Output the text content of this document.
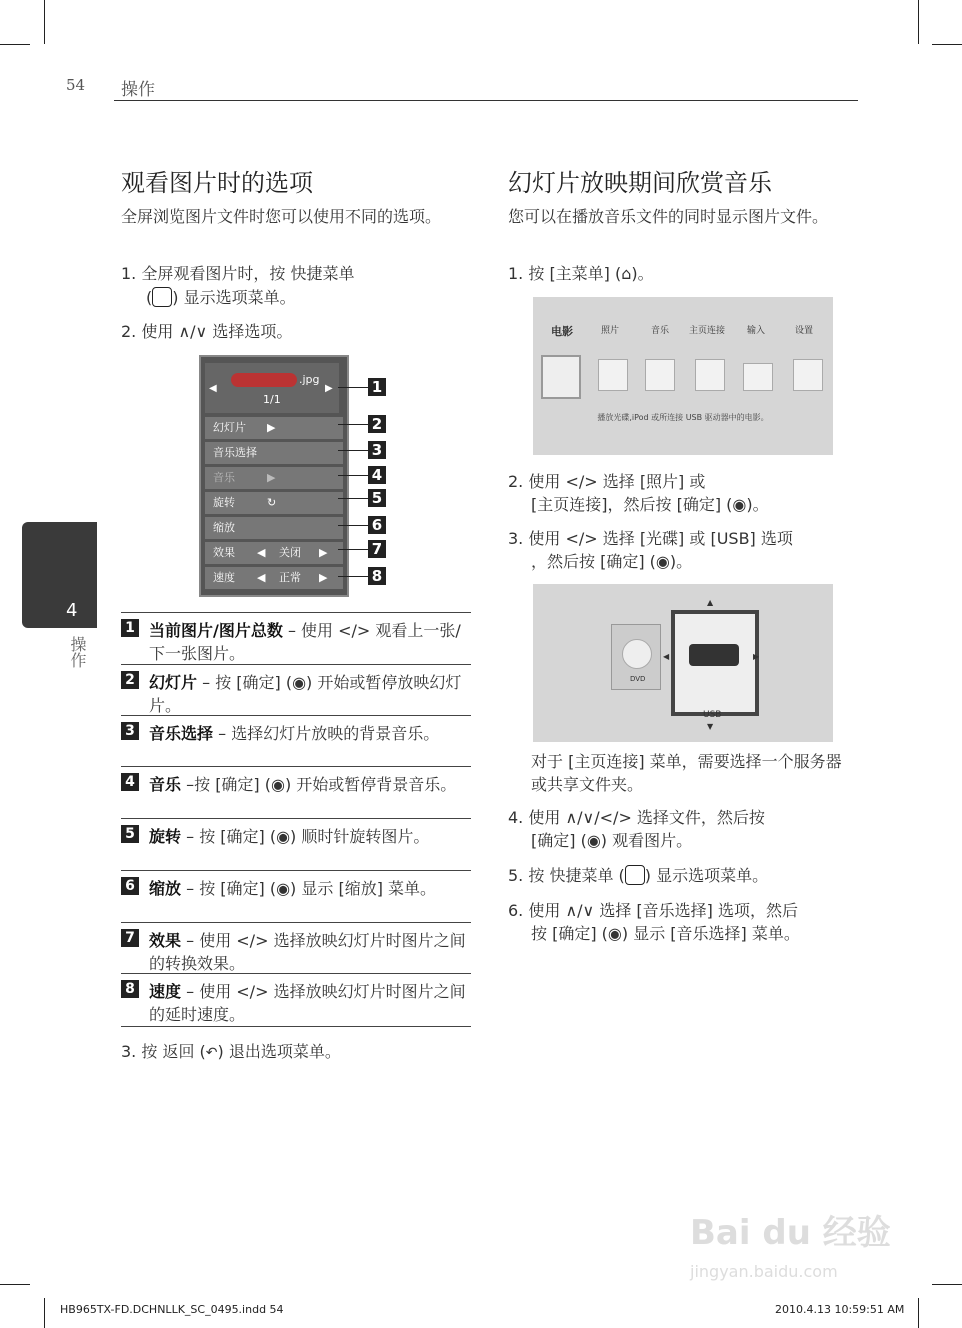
54 操作
4
操作
观看图片时的选项
全屏浏览图片文件时您可以使用不同的选项。
1. 全屏观看图片时，按 快捷菜单
( ) 显示选项菜单。
2. 使用 ∧/∨ 选择选项。
◀
.jpg
1/1
▶
幻灯片 ▶
音乐选择
音乐	▶
旋转	↻
缩放
效果 ◀ 关闭 ▶
速度 ◀ 正常 ▶
1
2
3
4
5
6
7
8
1 当前图片/图片总数 – 使用 </> 观看上一张/下一张图片。
2 幻灯片 – 按 [确定] (◉) 开始或暂停放映幻灯片。
3 音乐选择 – 选择幻灯片放映的背景音乐。
4 音乐 –按 [确定] (◉) 开始或暂停背景音乐。
5 旋转 – 按 [确定] (◉) 顺时针旋转图片。
6 缩放 – 按 [确定] (◉) 显示 [缩放] 菜单。
7 效果 – 使用 </> 选择放映幻灯片时图片之间的转换效果。
8 速度 – 使用 </> 选择放映幻灯片时图片之间的延时速度。
3. 按 返回 (↶) 退出选项菜单。
幻灯片放映期间欣赏音乐
您可以在播放音乐文件的同时显示图片文件。
1. 按 [主菜单] (⌂)。
电影	照片	音乐 主页连接 输入	设置
播放光碟,iPod 或所连接 USB 驱动器中的电影。
2. 使用 </> 选择 [照片] 或
[主页连接]，然后按 [确定] (◉)。
3. 使用 </> 选择 [光碟] 或 [USB] 选项
，然后按 [确定] (◉)。
DVD
USB
▲
▼
◀	▶
对于 [主页连接] 菜单，需要选择一个服务器或共享文件夹。
4. 使用 ∧/∨/</> 选择文件，然后按
[确定] (◉) 观看图片。
5. 按 快捷菜单 ( ) 显示选项菜单。
6. 使用 ∧/∨ 选择 [音乐选择] 选项，然后
按 [确定] (◉) 显示 [音乐选择] 菜单。
Bai du 经验
jingyan.baidu.com
HB965TX-FD.DCHNLLK_SC_0495.indd 54	2010.4.13 10:59:51 AM
